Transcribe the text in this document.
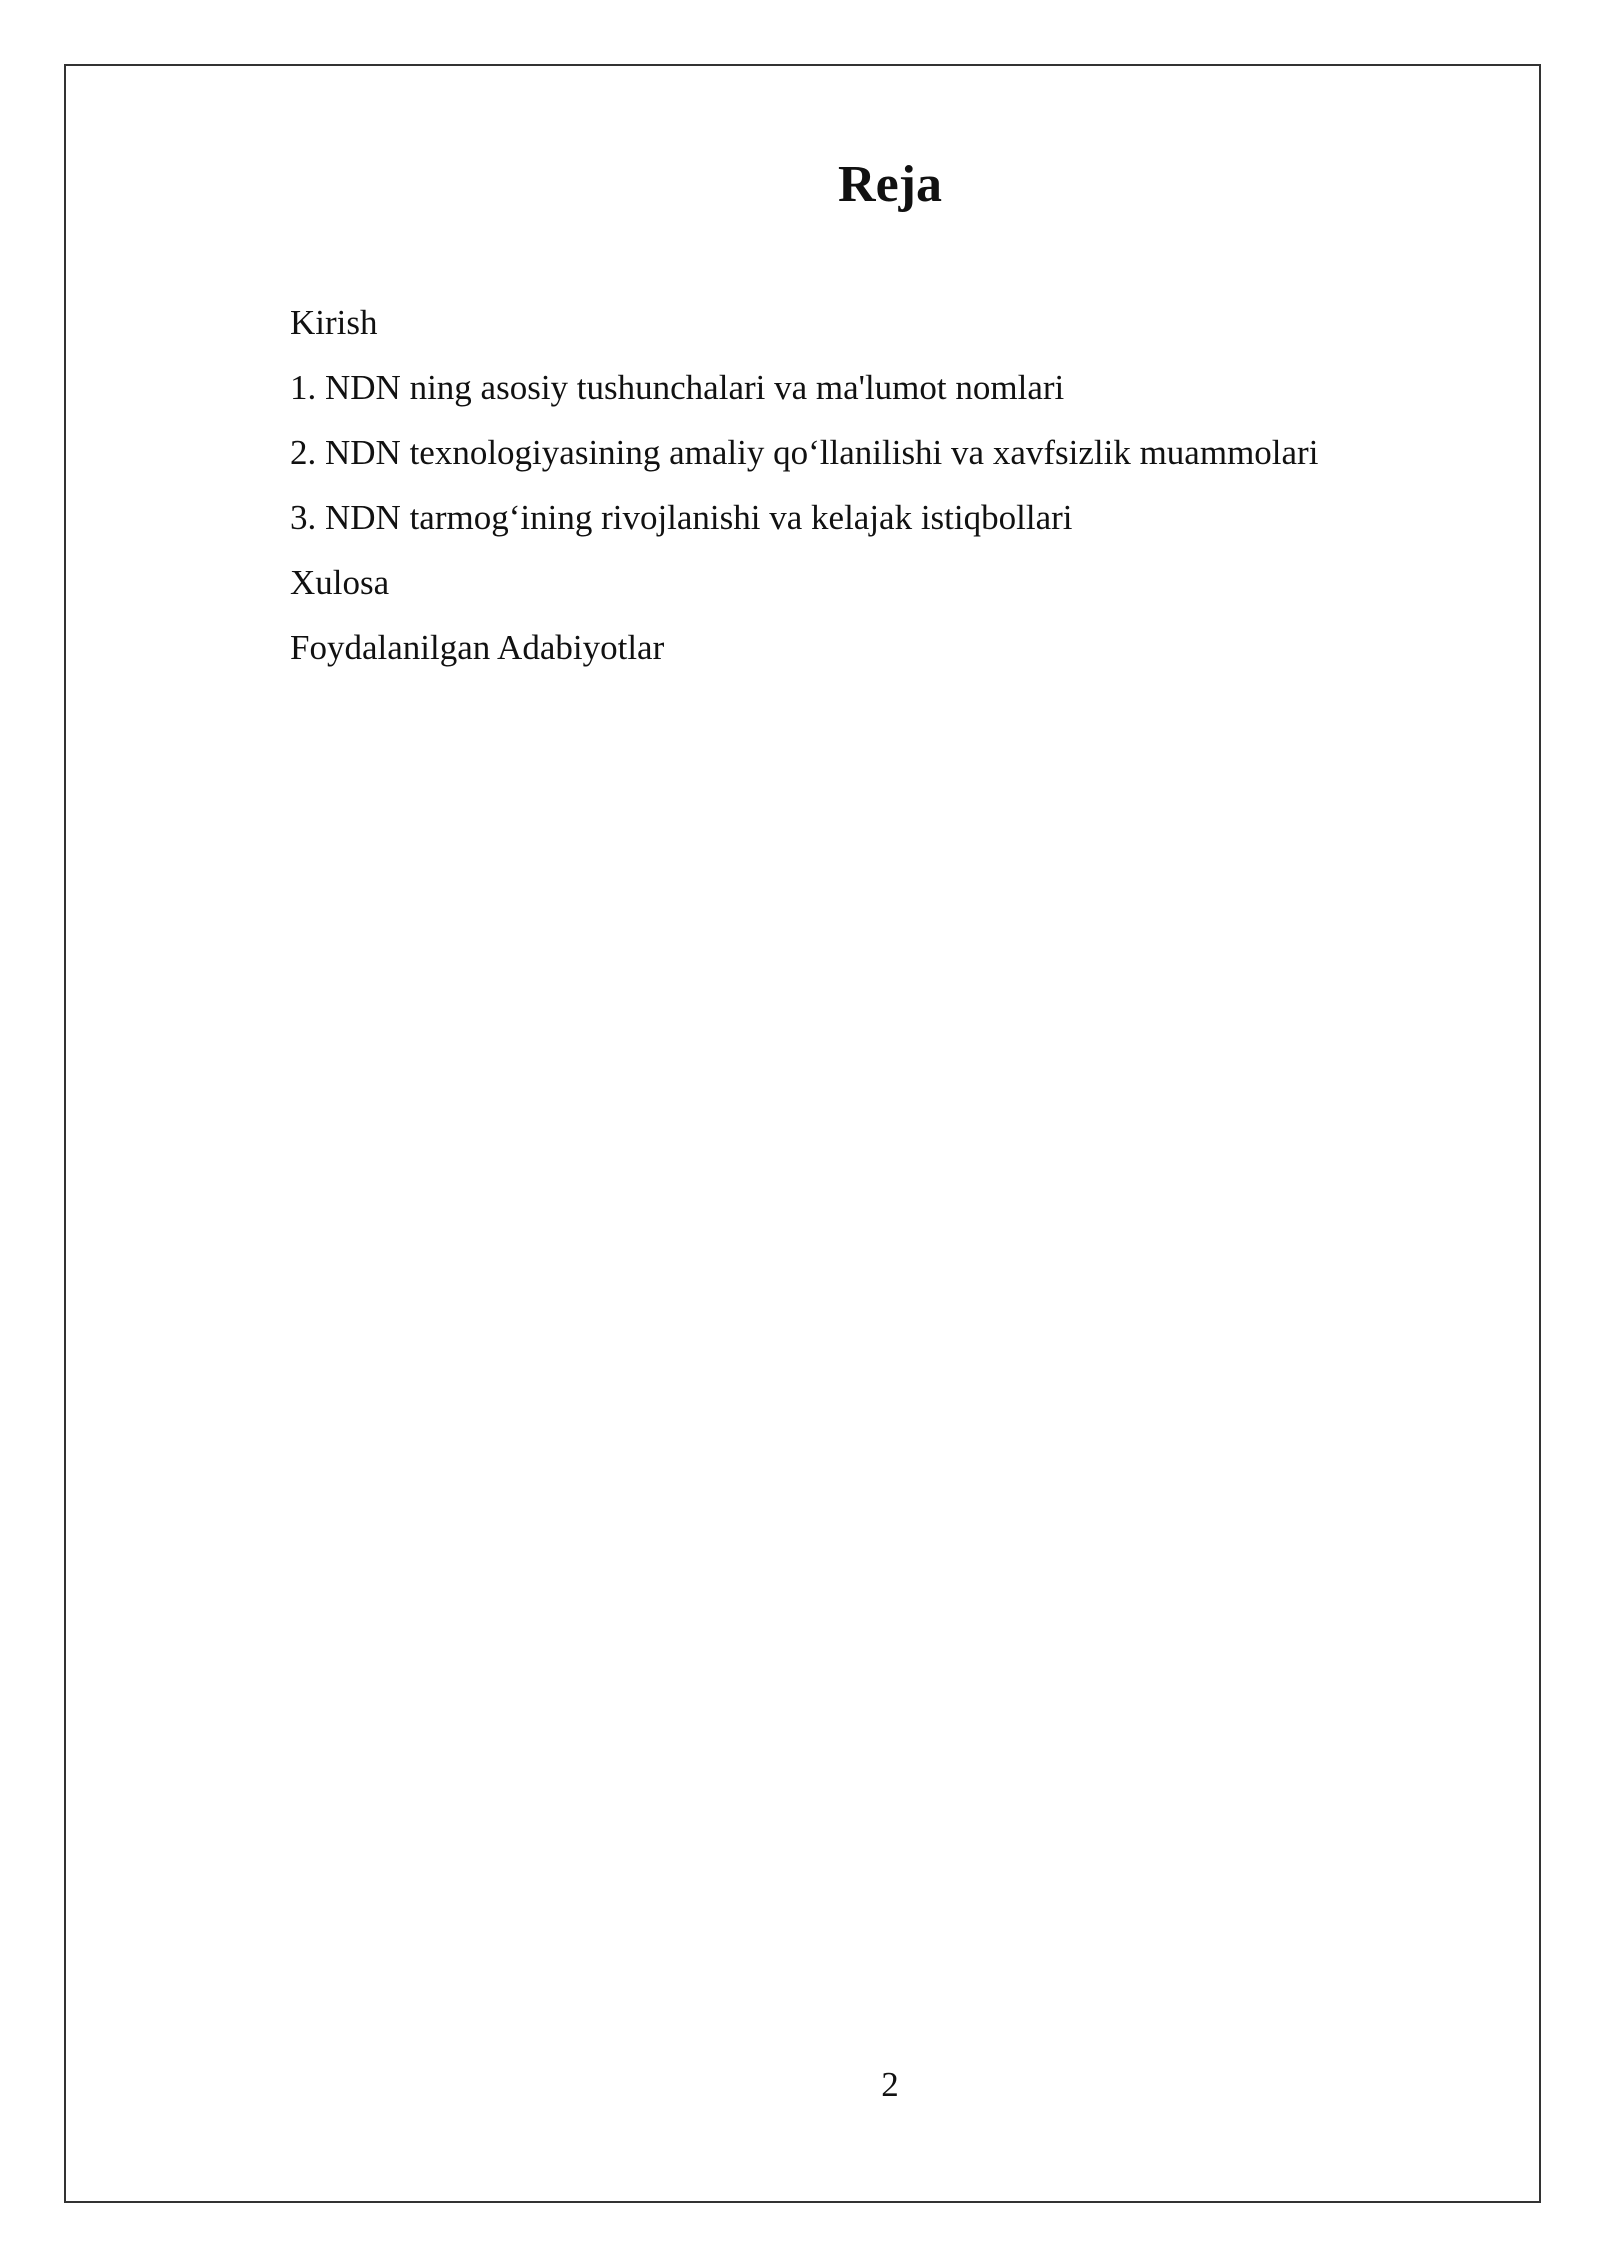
Reja
Kirish
1. NDN ning asosiy tushunchalari va ma'lumot nomlari
2. NDN texnologiyasining amaliy qo‘llanilishi va xavfsizlik muammolari
3. NDN tarmog‘ining rivojlanishi va kelajak istiqbollari
Xulosa
Foydalanilgan Adabiyotlar
2
